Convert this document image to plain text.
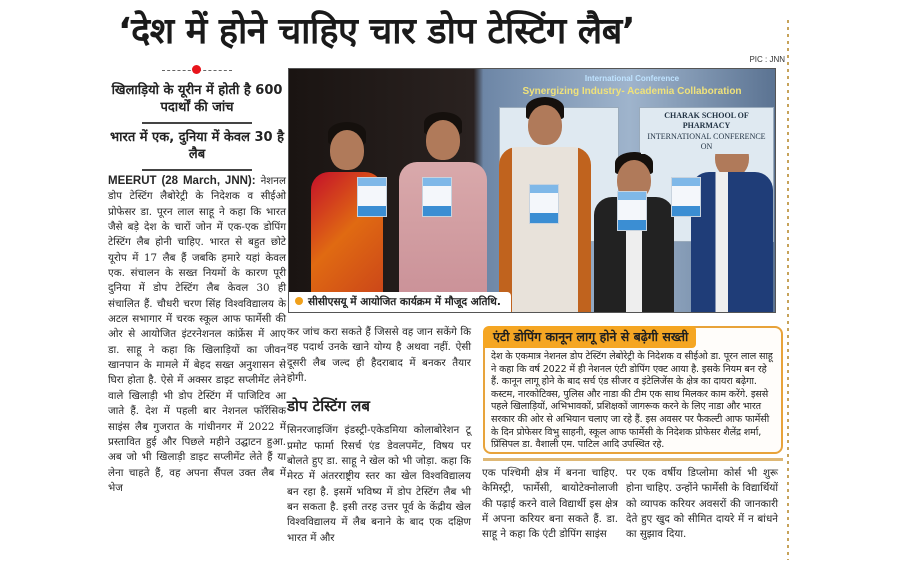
‘देश में होने चाहिए चार डोप टेस्टिंग लैब’
PIC : JNN
खिलाड़ियो के यूरीन में होती है 600 पदार्थों की जांच
भारत में एक, दुनिया में केवल 30 है लैब
MEERUT (28 March, JNN): नेशनल डोप टेस्टिंग लैबोरेट्री के निदेशक व सीईओ प्रोफेसर डा. पूरन लाल साहू ने कहा कि भारत जैसे बड़े देश के चारों जोन में एक-एक डोपिंग टेस्टिंग लैब होनी चाहिए. भारत से बहुत छोटे यूरोप में 17 लैब हैं जबकि हमारे यहां केवल एक. संचालन के सख्त नियमों के कारण पूरी दुनिया में डोप टेस्टिंग लैब केवल 30 ही संचालित हैं. चौधरी चरण सिंह विश्वविद्यालय के अटल सभागार में चरक स्कूल आफ फार्मेसी की ओर से आयोजित इंटरनेशनल कांफ्रेंस में आए डा. साहू ने कहा कि खिलाड़ियों का जीवन खानपान के मामले में बेहद सख्त अनुशासन से घिरा होता है. ऐसे में अक्सर डाइट सप्लीमेंट लेने वाले खिलाड़ी भी डोप टेस्टिंग में पाजिटिव आ जाते हैं. देश में पहली बार नेशनल फॉरेंसिक साइंस लैब गुजरात के गांधीनगर में 2022 में प्रस्तावित हुई और पिछले महीने उद्घाटन हुआ. अब जो भी खिलाड़ी डाइट सप्लीमेंट लेते हैं या लेना चाहते हैं, वह अपना सैंपल उक्त लैब में भेज
International Conference
Synergizing Industry- Academia Collaboration
CHARAK SCHOOL OF PHARMACY
INTERNATIONAL CONFERENCE ON
सीसीएसयू में आयोजित कार्यक्रम में मौजूद अतिथि.
कर जांच करा सकते हैं जिससे वह जान सकेंगे कि वह पदार्थ उनके खाने योग्य है अथवा नहीं. ऐसी दूसरी लैब जल्द ही हैदराबाद में बनकर तैयार होगी.
डोप टेस्टिंग लब
सिनरजाइजिंग इंडस्ट्री-एकेडमिया कोलाबोरेशन टू प्रमोट फार्मा रिसर्च एंड डेवलपमेंट, विषय पर बोलते हुए डा. साहू ने खेल को भी जोड़ा. कहा कि मेरठ में अंतरराष्ट्रीय स्तर का खेल विश्वविद्यालय बन रहा है. इसमें भविष्य में डोप टेस्टिंग लैब भी बन सकता है. इसी तरह उत्तर पूर्व के केंद्रीय खेल विश्वविद्यालय में लैब बनाने के बाद एक दक्षिण भारत में और
एंटी डोपिंग कानून लागू होने से बढ़ेगी सख्ती
देश के एकमात्र नेशनल डोप टेस्टिंग लेबोरेट्री के निदेशक व सीईओ डा. पूरन लाल साहू ने कहा कि वर्ष 2022 में ही नेशनल एंटी डोपिंग एक्ट आया है. इसके नियम बन रहे हैं. कानून लागू होने के बाद सर्च एंड सीजर व इंटेलिजेंस के क्षेत्र का दायरा बढ़ेगा. कस्टम, नारकोटिक्स, पुलिस और नाडा की टीम एक साथ मिलकर काम करेंगे. इससे पहले खिलाड़ियों, अभिभावकों, प्रशिक्षकों जागरूक करने के लिए नाडा और भारत सरकार की ओर से अभियान चलाए जा रहे हैं. इस अवसर पर फैकल्टी आफ फार्मेसी के दिन प्रोफेसर विभु साहनी, स्कूल आफ फार्मेसी के निदेशक प्रोफेसर शैलेंद्र शर्मा, प्रिंसिपल डा. वैशाली एम. पाटिल आदि उपस्थित रहे.
एक पश्चिमी क्षेत्र में बनना चाहिए. केमिस्ट्री, फार्मेसी, बायोटेक्नोलाजी की पढ़ाई करने वाले विद्यार्थी इस क्षेत्र में अपना करियर बना सकते हैं. डा. साहू ने कहा कि एंटी डोपिंग साइंस
पर एक वर्षीय डिप्लोमा कोर्स भी शुरू होना चाहिए. उन्होंने फार्मेसी के विद्यार्थियों को व्यापक करियर अवसरों की जानकारी देते हुए खुद को सीमित दायरे में न बांधने का सुझाव दिया.
